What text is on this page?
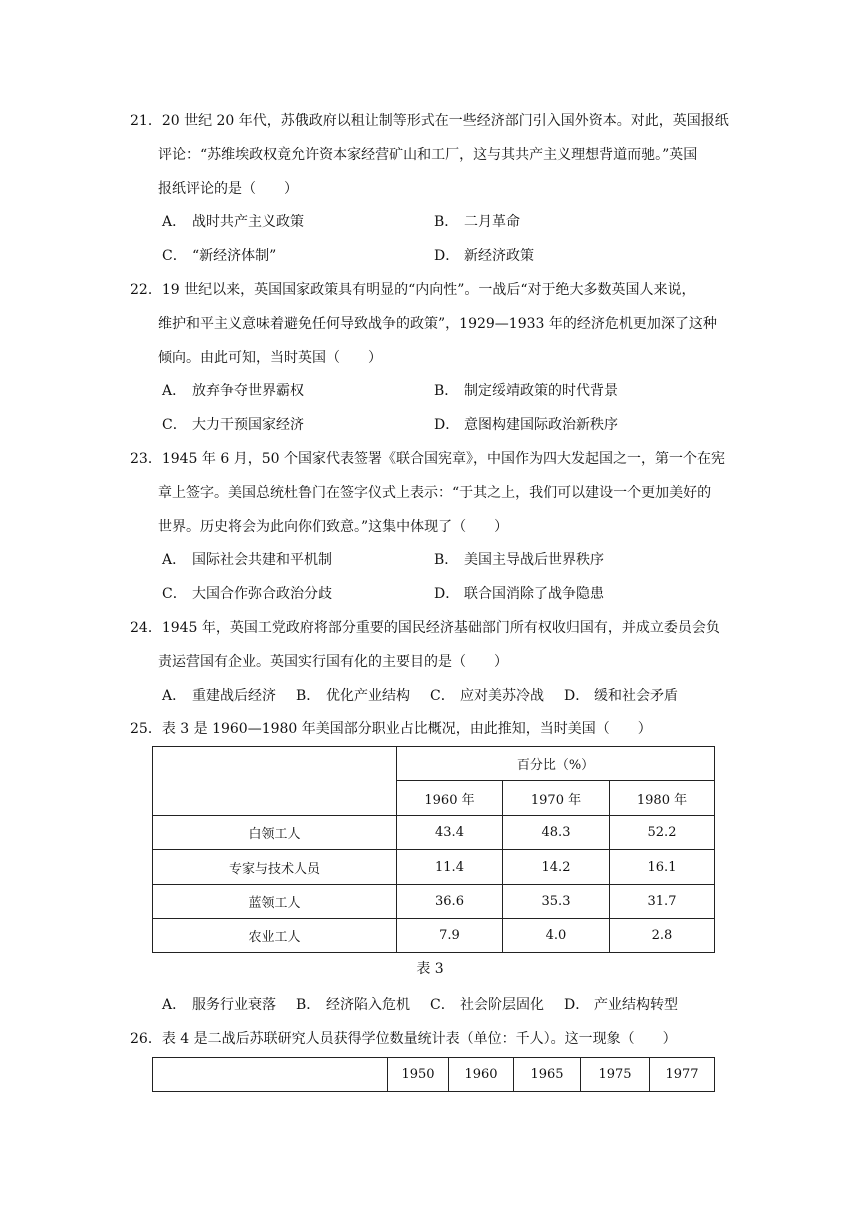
21．20 世纪 20 年代，苏俄政府以租让制等形式在一些经济部门引入国外资本。对此，英国报纸
评论：“苏维埃政权竟允许资本家经营矿山和工厂，这与其共产主义理想背道而驰。”英国
报纸评论的是（　　）
A． 战时共产主义政策	B． 二月革命
C． “新经济体制”	D． 新经济政策
22．19 世纪以来，英国国家政策具有明显的“内向性”。一战后“对于绝大多数英国人来说，
维护和平主义意味着避免任何导致战争的政策”，1929—1933 年的经济危机更加深了这种
倾向。由此可知，当时英国（　　）
A． 放弃争夺世界霸权	B． 制定绥靖政策的时代背景
C． 大力干预国家经济	D． 意图构建国际政治新秩序
23．1945 年 6 月，50 个国家代表签署《联合国宪章》，中国作为四大发起国之一，第一个在宪
章上签字。美国总统杜鲁门在签字仪式上表示：“于其之上，我们可以建设一个更加美好的
世界。历史将会为此向你们致意。”这集中体现了（　　）
A． 国际社会共建和平机制	B． 美国主导战后世界秩序
C． 大国合作弥合政治分歧	D． 联合国消除了战争隐患
24．1945 年，英国工党政府将部分重要的国民经济基础部门所有权收归国有，并成立委员会负
责运营国有企业。英国实行国有化的主要目的是（　　）
A． 重建战后经济 B． 优化产业结构 C． 应对美苏冷战 D． 缓和社会矛盾
25．表 3 是 1960—1980 年美国部分职业占比概况，由此推知，当时美国（　　）
	百分比（%）		
	1960 年	1970 年	1980 年
白领工人	43.4	48.3	52.2
专家与技术人员	11.4	14.2	16.1
蓝领工人	36.6	35.3	31.7
农业工人	7.9	4.0	2.8
表 3
A． 服务行业衰落 B． 经济陷入危机 C． 社会阶层固化 D． 产业结构转型
26．表 4 是二战后苏联研究人员获得学位数量统计表（单位：千人）。这一现象（　　）
	1950	1960	1965	1975	1977
